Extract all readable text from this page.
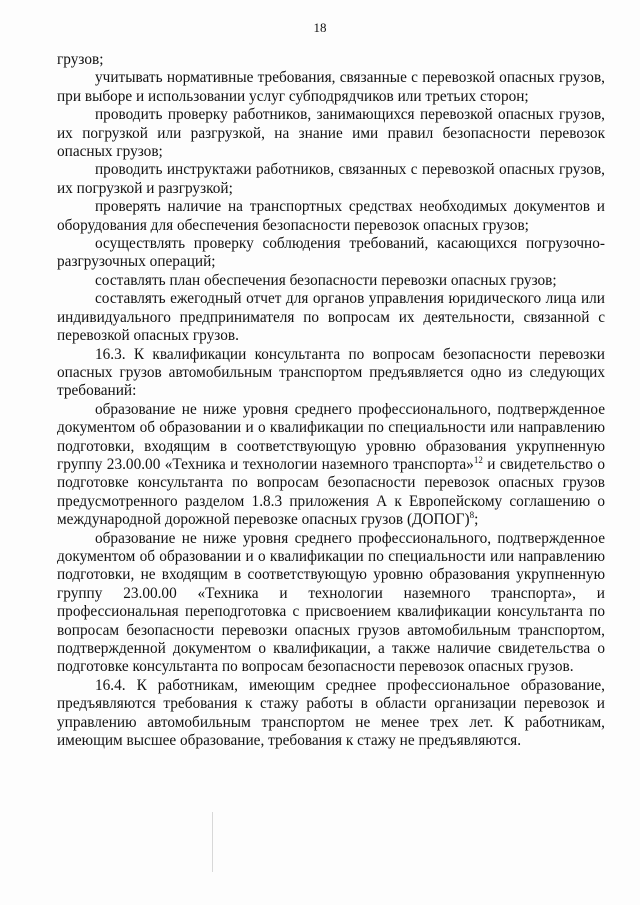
18

грузов;

учитывать нормативные требования, связанные с перевозкой опасных грузов, при выборе и использовании услуг субподрядчиков или третьих сторон;

проводить проверку работников, занимающихся перевозкой опасных грузов, их погрузкой или разгрузкой, на знание ими правил безопасности перевозок опасных грузов;

проводить инструктажи работников, связанных с перевозкой опасных грузов, их погрузкой и разгрузкой;

проверять наличие на транспортных средствах необходимых документов и оборудования для обеспечения безопасности перевозок опасных грузов;

осуществлять проверку соблюдения требований, касающихся погрузочно-разгрузочных операций;

составлять план обеспечения безопасности перевозки опасных грузов;

составлять ежегодный отчет для органов управления юридического лица или индивидуального предпринимателя по вопросам их деятельности, связанной с перевозкой опасных грузов.

16.3. К квалификации консультанта по вопросам безопасности перевозки опасных грузов автомобильным транспортом предъявляется одно из следующих требований:

образование не ниже уровня среднего профессионального, подтвержденное документом об образовании и о квалификации по специальности или направлению подготовки, входящим в соответствующую уровню образования укрупненную группу 23.00.00 «Техника и технологии наземного транспорта»$^{12}$ и свидетельство о подготовке консультанта по вопросам безопасности перевозок опасных грузов предусмотренного разделом 1.8.3 приложения А к Европейскому соглашению о международной дорожной перевозке опасных грузов (ДОПОГ)$^8$;

образование не ниже уровня среднего профессионального, подтвержденное документом об образовании и о квалификации по специальности или направлению подготовки, не входящим в соответствующую уровню образования укрупненную группу 23.00.00 «Техника и технологии наземного транспорта», и профессиональная переподготовка с присвоением квалификации консультанта по вопросам безопасности перевозки опасных грузов автомобильным транспортом, подтвержденной документом о квалификации, а также наличие свидетельства о подготовке консультанта по вопросам безопасности перевозок опасных грузов.

16.4. К работникам, имеющим среднее профессиональное образование, предъявляются требования к стажу работы в области организации перевозок и управлению автомобильным транспортом не менее трех лет. К работникам, имеющим высшее образование, требования к стажу не предъявляются.
